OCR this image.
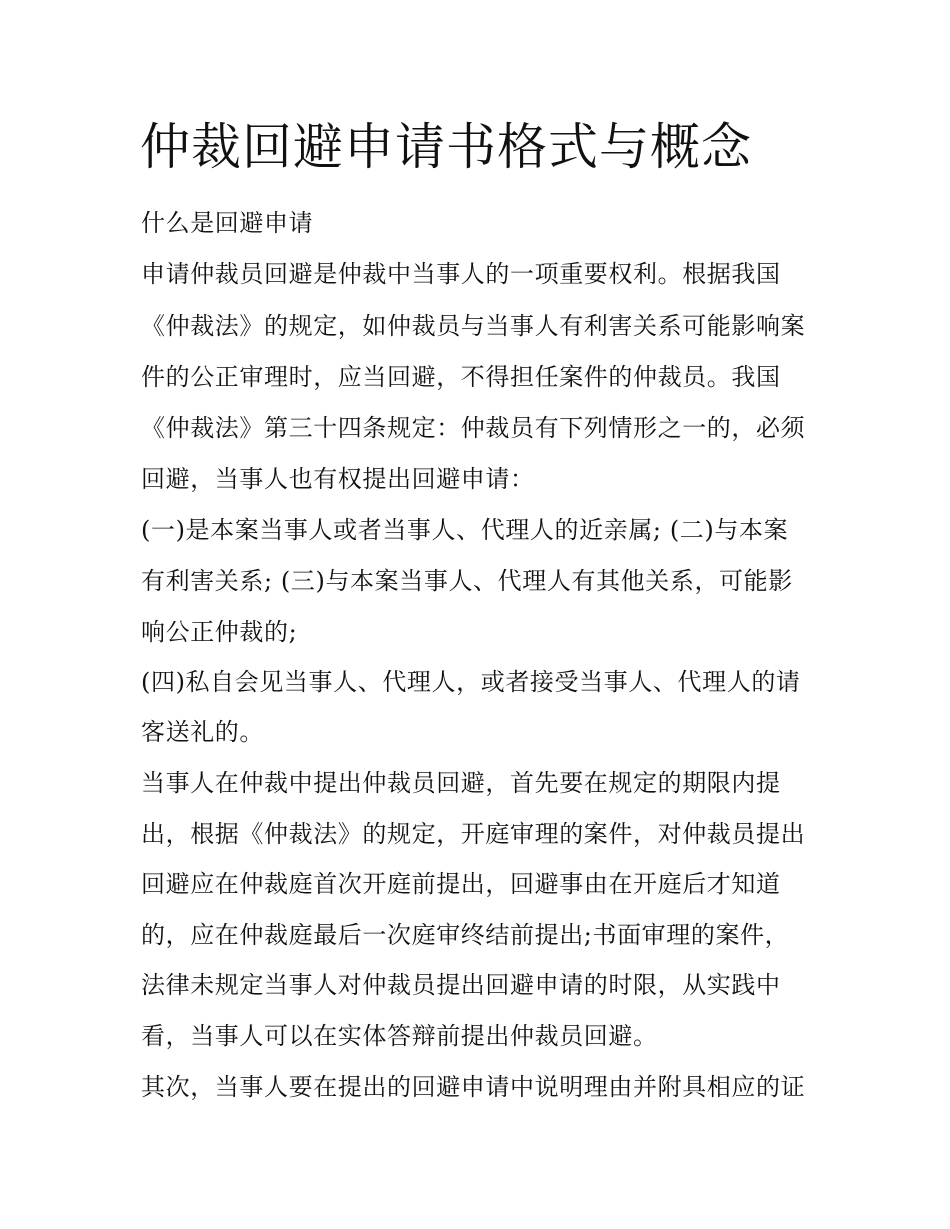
仲裁回避申请书格式与概念
什么是回避申请
申请仲裁员回避是仲裁中当事人的一项重要权利。根据我国
《仲裁法》的规定，如仲裁员与当事人有利害关系可能影响案
件的公正审理时，应当回避，不得担任案件的仲裁员。我国
《仲裁法》第三十四条规定：仲裁员有下列情形之一的，必须
回避，当事人也有权提出回避申请：
(一)是本案当事人或者当事人、代理人的近亲属; (二)与本案
有利害关系; (三)与本案当事人、代理人有其他关系，可能影
响公正仲裁的;
(四)私自会见当事人、代理人，或者接受当事人、代理人的请
客送礼的。
当事人在仲裁中提出仲裁员回避，首先要在规定的期限内提
出，根据《仲裁法》的规定，开庭审理的案件，对仲裁员提出
回避应在仲裁庭首次开庭前提出，回避事由在开庭后才知道
的，应在仲裁庭最后一次庭审终结前提出;书面审理的案件，
法律未规定当事人对仲裁员提出回避申请的时限，从实践中
看，当事人可以在实体答辩前提出仲裁员回避。
其次，当事人要在提出的回避申请中说明理由并附具相应的证
